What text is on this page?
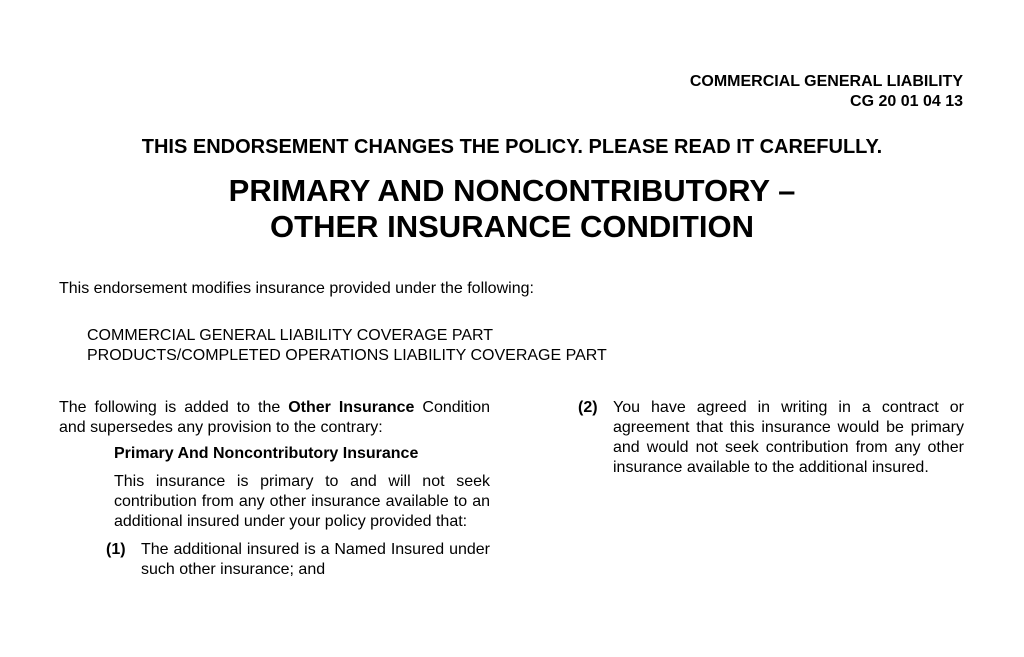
COMMERCIAL GENERAL LIABILITY
CG 20 01 04 13
THIS ENDORSEMENT CHANGES THE POLICY. PLEASE READ IT CAREFULLY.
PRIMARY AND NONCONTRIBUTORY –
OTHER INSURANCE CONDITION
This endorsement modifies insurance provided under the following:
COMMERCIAL GENERAL LIABILITY COVERAGE PART
PRODUCTS/COMPLETED OPERATIONS LIABILITY COVERAGE PART
The following is added to the Other Insurance Condition and supersedes any provision to the contrary:
Primary And Noncontributory Insurance
This insurance is primary to and will not seek contribution from any other insurance available to an additional insured under your policy provided that:
(1) The additional insured is a Named Insured under such other insurance; and
(2) You have agreed in writing in a contract or agreement that this insurance would be primary and would not seek contribution from any other insurance available to the additional insured.
